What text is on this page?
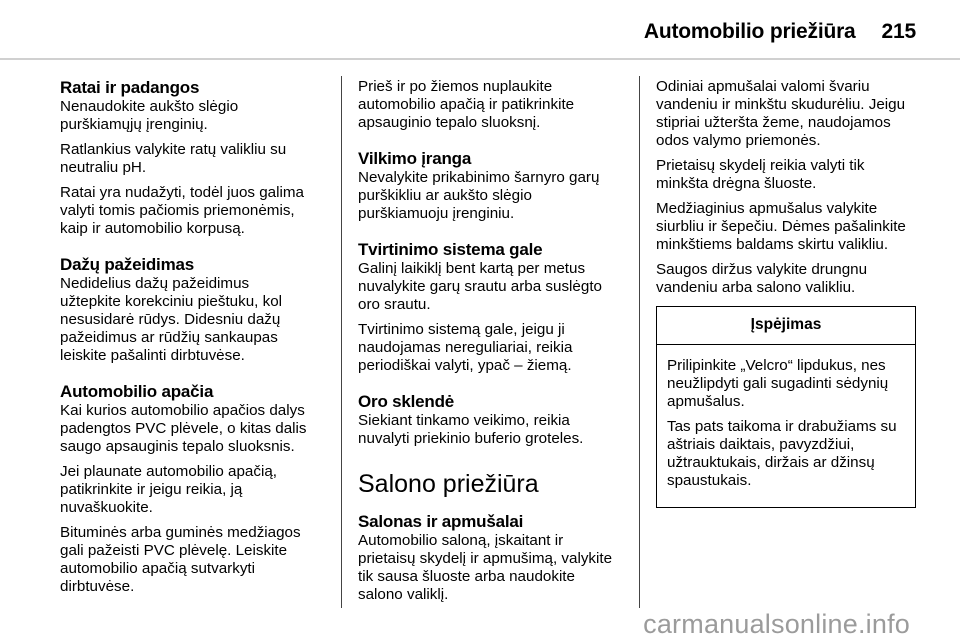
Automobilio priežiūra 215
Ratai ir padangos

Nenaudokite aukšto slėgio
purškiamųjų įrenginių.

Ratlankius valykite ratų valikliu su
neutraliu pH.

Ratai yra nudažyti, todėl juos galima
valyti tomis pačiomis priemonėmis,
kaip ir automobilio korpusą.

Dažų pažeidimas

Nedidelius dažų pažeidimus
užtepkite korekciniu pieštuku, kol
nesusidarė rūdys. Didesniu dažų
pažeidimus ar rūdžių sankaupas
leiskite pašalinti dirbtuvėse.

Automobilio apačia

Kai kurios automobilio apačios dalys
padengtos PVC plėvele, o kitas dalis
saugo apsauginis tepalo sluoksnis.

Jei plaunate automobilio apačią,
patikrinkite ir jeigu reikia, ją
nuvaškuokite.

Bituminės arba guminės medžiagos
gali pažeisti PVC plėvelę. Leiskite
automobilio apačią sutvarkyti
dirbtuvėse.

Prieš ir po žiemos nuplaukite
automobilio apačią ir patikrinkite
apsauginio tepalo sluoksnį.

Vilkimo įranga

Nevalykite prikabinimo šarnyro garų
purškikliu ar aukšto slėgio
purškiamuoju įrenginiu.

Tvirtinimo sistema gale

Galinį laikiklį bent kartą per metus
nuvalykite garų srautu arba suslėgto
oro srautu.

Tvirtinimo sistemą gale, jeigu ji
naudojamas nereguliariai, reikia
periodiškai valyti, ypač – žiemą.

Oro sklendė

Siekiant tinkamo veikimo, reikia
nuvalyti priekinio buferio groteles.

Salono priežiūra
Salonas ir apmušalai

Automobilio saloną, įskaitant ir
prietaisų skydelį ir apmušimą, valykite
tik sausa šluoste arba naudokite
salono valiklį.

Odiniai apmušalai valomi švariu
vandeniu ir minkštu skudurėliu. Jeigu
stipriai užteršta žeme, naudojamos
odos valymo priemonės.

Prietaisų skydelį reikia valyti tik
minkšta drėgna šluoste.

Medžiaginius apmušalus valykite
siurbliu ir šepečiu. Dėmes pašalinkite
minkštiems baldams skirtu valikliu.

Saugos diržus valykite drungnu
vandeniu arba salono valikliu.

Įspėjimas

Prilipinkite „Velcro“ lipdukus, nes
neužlipdyti gali sugadinti sėdynių
apmušalus.

Tas pats taikoma ir drabužiams su
aštriais daiktais, pavyzdžiui,
užtrauktukais, diržais ar džinsų
spaustukais.

carmanualsonline.info
